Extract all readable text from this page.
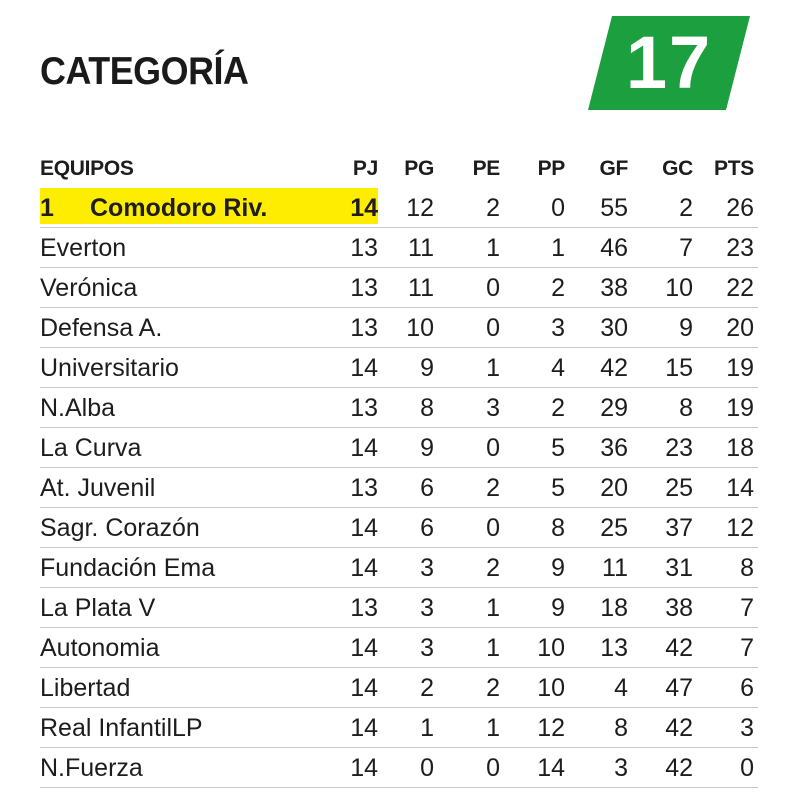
CATEGORÍA	17
EQUIPOS	PJ PG PE PP GF GC PTS
1 Comodoro Riv.	14 12 2 0 55 2 26
Everton	13 11 1 1 46 7 23
Verónica	13 11 0 2 38 10 22
Defensa A.	13 10 0 3 30 9 20
Universitario	14 9 1 4 42 15 19
N.Alba	13 8 3 2 29 8 19
La Curva	14 9 0 5 36 23 18
At. Juvenil	13 6 2 5 20 25 14
Sagr. Corazón	14 6 0 8 25 37 12
Fundación Ema	14 3 2 9 11 31 8
La Plata V	13 3 1 9 18 38 7
Autonomia	14 3 1 10 13 42 7
Libertad	14 2 2 10 4 47 6
Real InfantilLP	14 1 1 12 8 42 3
N.Fuerza	14 0 0 14 3 42 0
